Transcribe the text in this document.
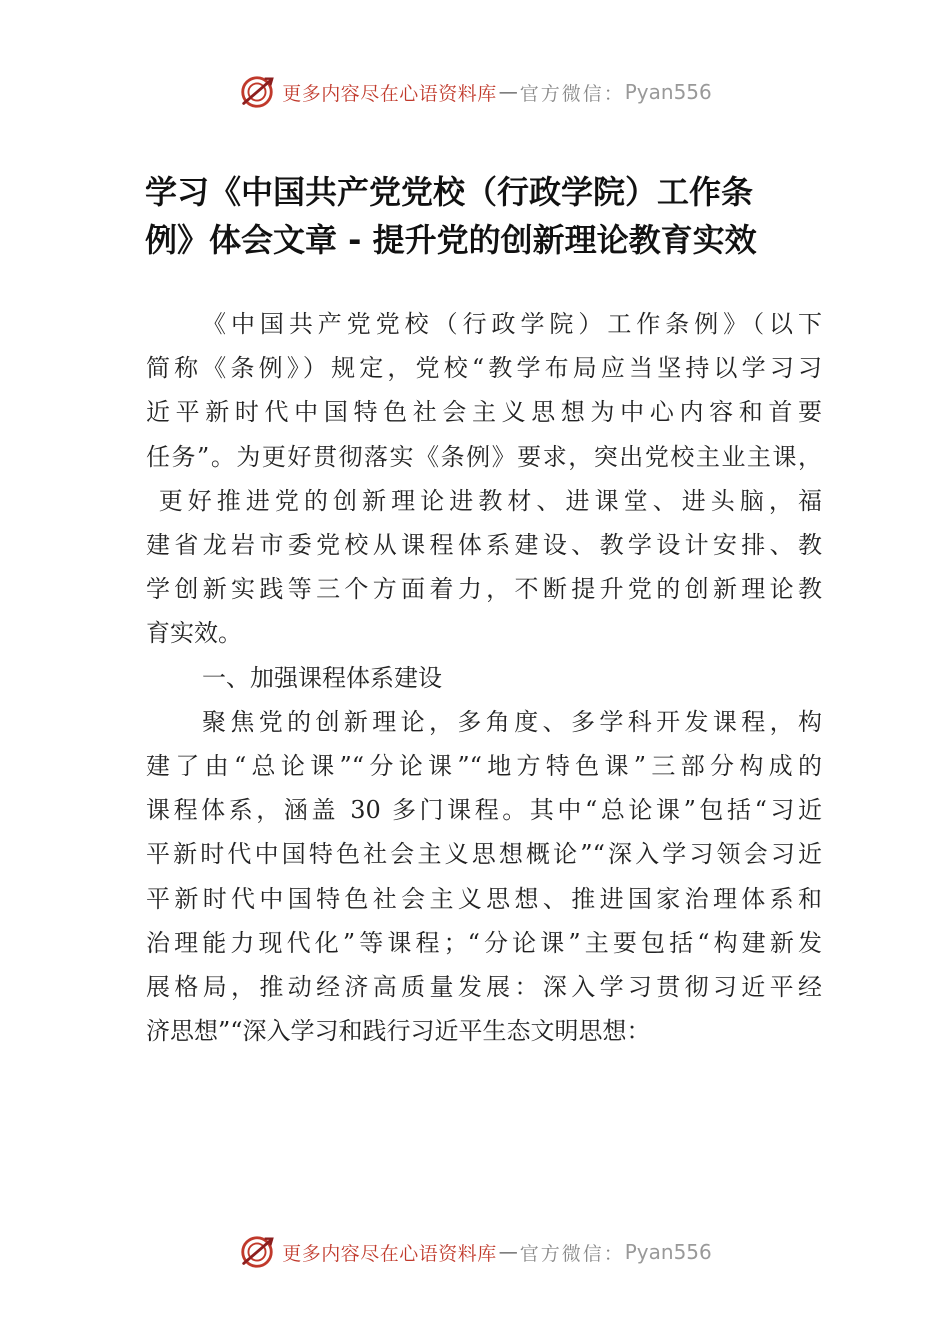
更多内容尽在心语资料库 — 官方微信： Pyan556
学习《中国共产党党校（行政学院）工作条
例》体会文章 - 提升党的创新理论教育实效
《中国共产党党校（行政学院）工作条例》（以下
简称《条例》）规定，党校“教学布局应当坚持以学习习
近平新时代中国特色社会主义思想为中心内容和首要
任务”。为更好贯彻落实《条例》要求，突出党校主业主课，
更好推进党的创新理论进教材、进课堂、进头脑，福
建省龙岩市委党校从课程体系建设、教学设计安排、教
学创新实践等三个方面着力，不断提升党的创新理论教
育实效。
一、加强课程体系建设
聚焦党的创新理论，多角度、多学科开发课程，构
建了由“总论课”“分论课”“地方特色课”三部分构成的
课程体系，涵盖 30 多门课程。其中“总论课”包括“习近
平新时代中国特色社会主义思想概论”“深入学习领会习近
平新时代中国特色社会主义思想、推进国家治理体系和
治理能力现代化”等课程；“分论课”主要包括“构建新发
展格局，推动经济高质量发展：深入学习贯彻习近平经
济思想”“深入学习和践行习近平生态文明思想：
更多内容尽在心语资料库 — 官方微信： Pyan556
